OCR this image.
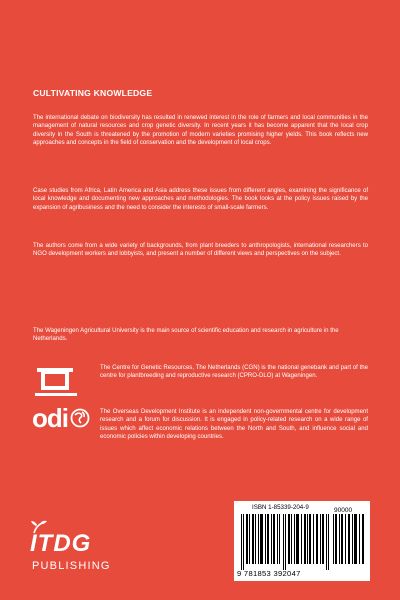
CULTIVATING KNOWLEDGE

The international debate on biodiversity has resulted in renewed interest in the role of farmers and local communities in the management of natural resources and crop genetic diversity. In recent years it has become apparent that the local crop diversity in the South is threatened by the promotion of modern varieties promising higher yields. This book reflects new approaches and concepts in the field of conservation and the development of local crops.

Case studies from Africa, Latin America and Asia address these issues from different angles, examining the significance of local knowledge and documenting new approaches and methodologies. The book looks at the policy issues raised by the expansion of agribusiness and the need to consider the interests of small-scale farmers.

The authors come from a wide variety of backgrounds, from plant breeders to anthropologists, international researchers to NGO development workers and lobbyists, and present a number of different views and perspectives on the subject.

The Wageningen Agricultural University is the main source of scientific education and research in agriculture in the Netherlands.

The Centre for Genetic Resources, The Netherlands (CGN) is the national genebank and part of the centre for plantbreeding and reproductive research (CPRO-DLO) at Wageningen.

odi	The Overseas Development Institute is an independent non-governmental centre for development research and a forum for discussion. It is engaged in policy-related research on a wide range of issues which affect economic relations between the North and South, and influence social and economic policies within developing countries.

ISBN 1-85339-204-9	90000
9 781853 392047
ITDG
PUBLISHING
